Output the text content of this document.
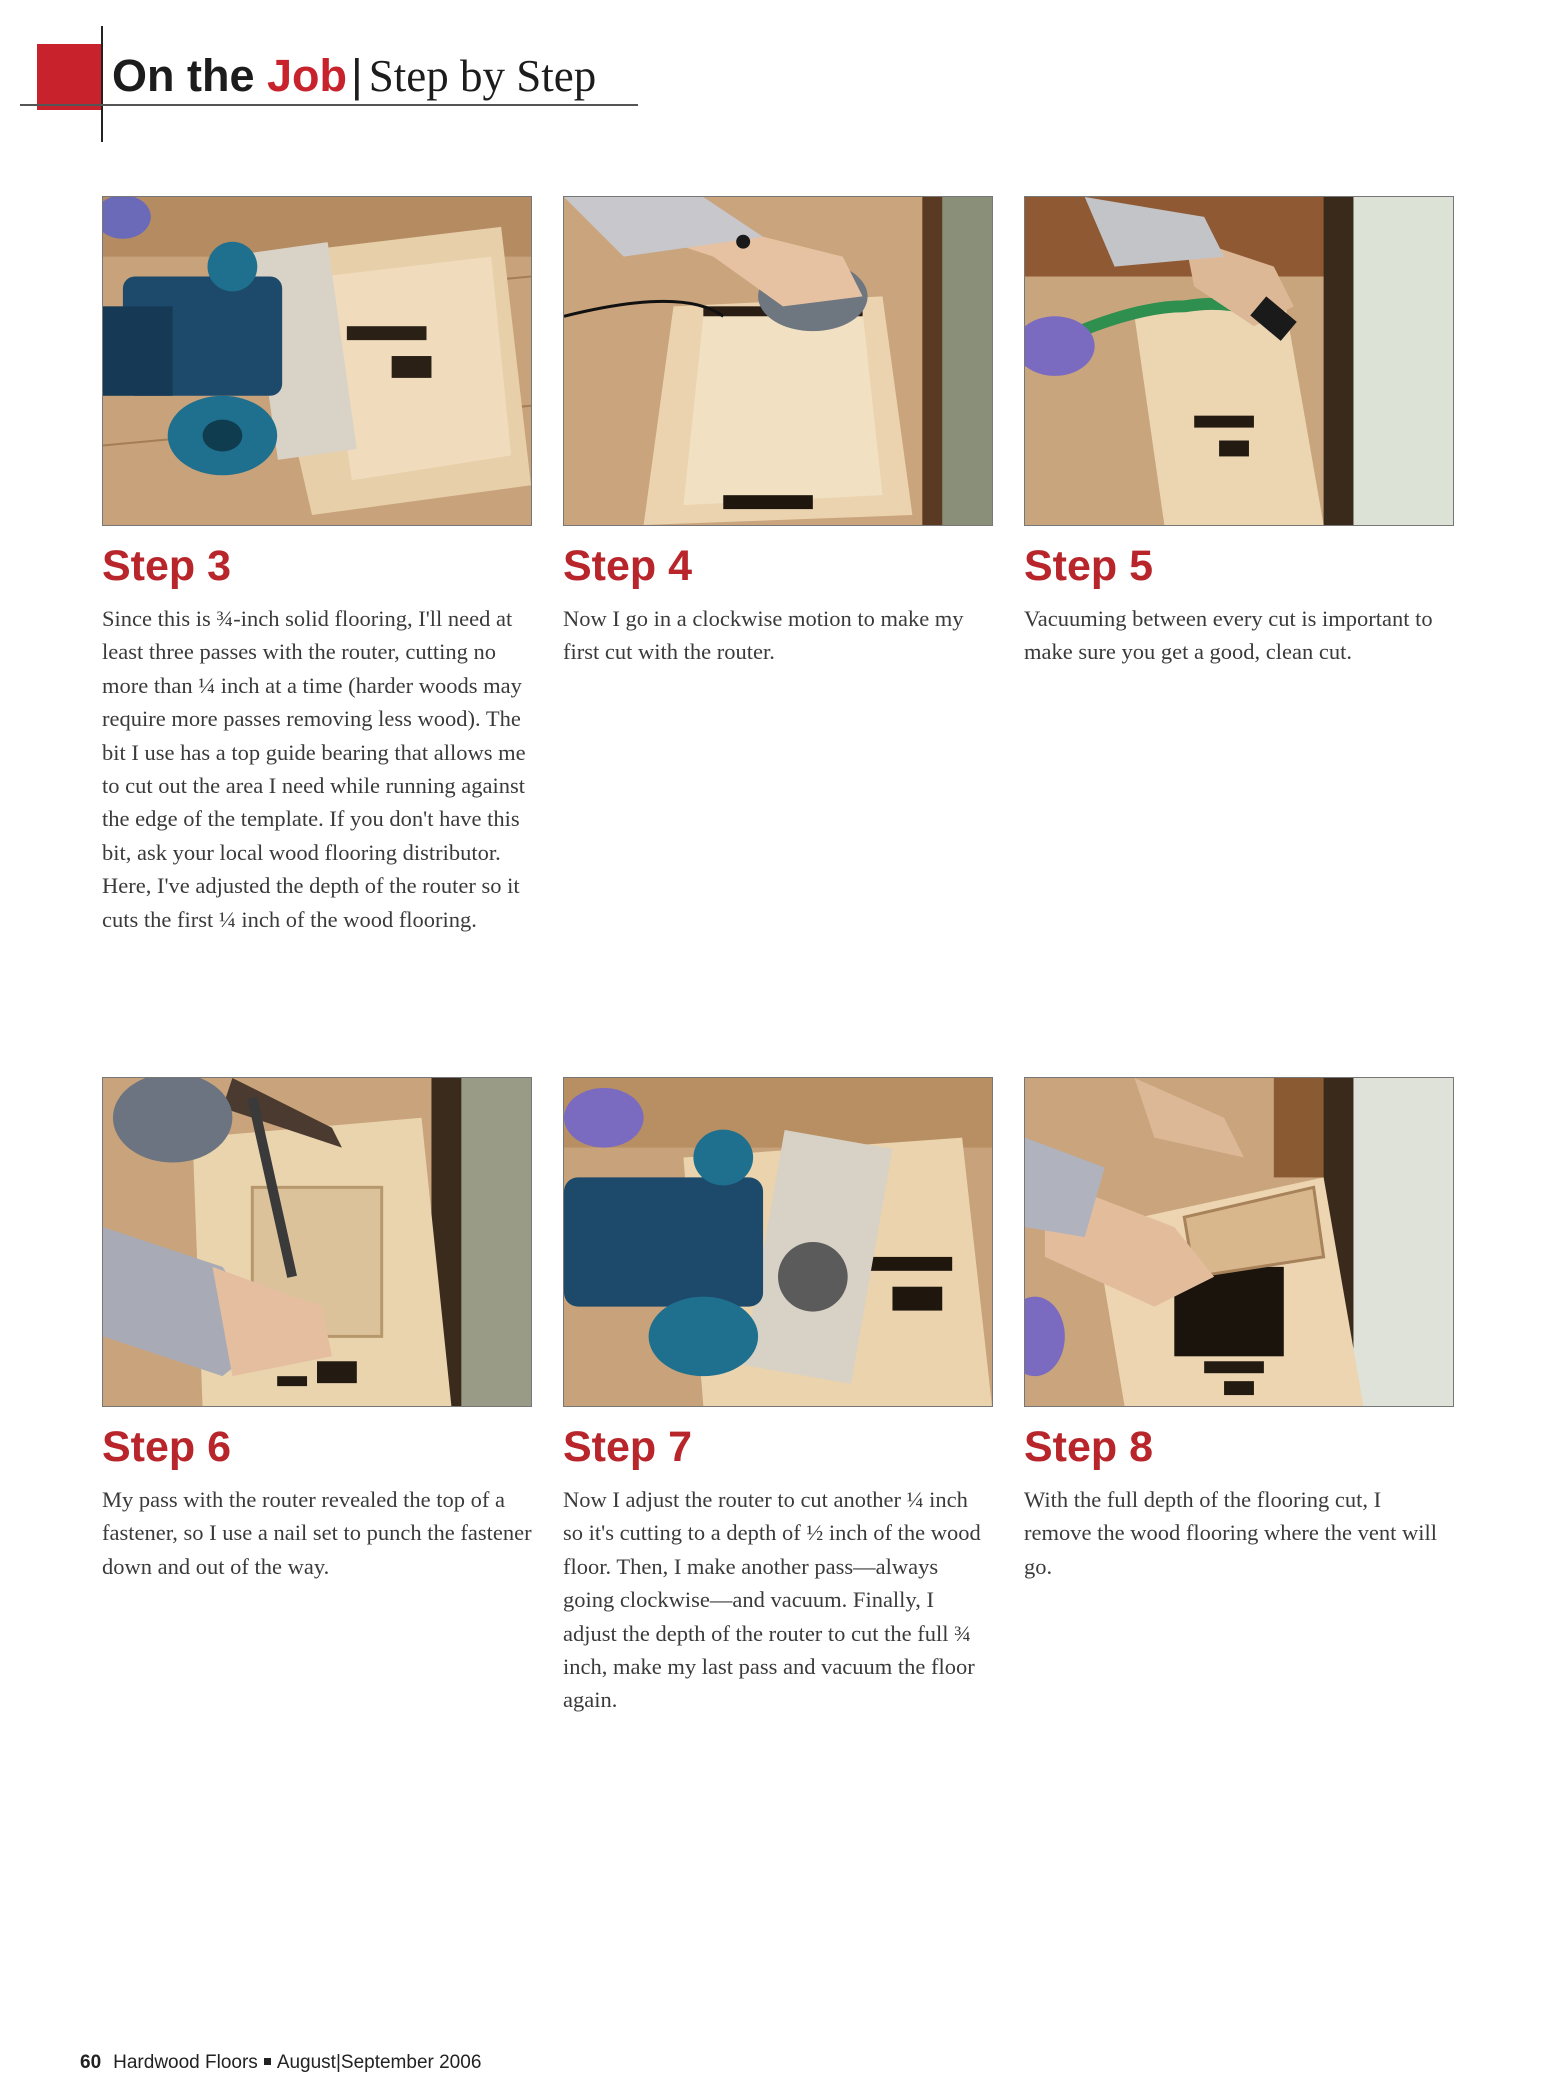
On the Job| Step by Step
Step 3
Since this is ¾-inch solid flooring, I'll need at least three passes with the router, cutting no more than ¼ inch at a time (harder woods may require more passes removing less wood). The bit I use has a top guide bearing that allows me to cut out the area I need while running against the edge of the template. If you don't have this bit, ask your local wood flooring distributor. Here, I've adjusted the depth of the router so it cuts the first ¼ inch of the wood flooring.
Step 4
Now I go in a clockwise motion to make my first cut with the router.
Step 5
Vacuuming between every cut is important to make sure you get a good, clean cut.
Step 6
My pass with the router revealed the top of a fastener, so I use a nail set to punch the fastener down and out of the way.
Step 7
Now I adjust the router to cut another ¼ inch so it's cutting to a depth of ½ inch of the wood floor. Then, I make another pass—always going clockwise—and vacuum. Finally, I adjust the depth of the router to cut the full ¾ inch, make my last pass and vacuum the floor again.
Step 8
With the full depth of the flooring cut, I remove the wood flooring where the vent will go.
60 Hardwood Floors August|September 2006
